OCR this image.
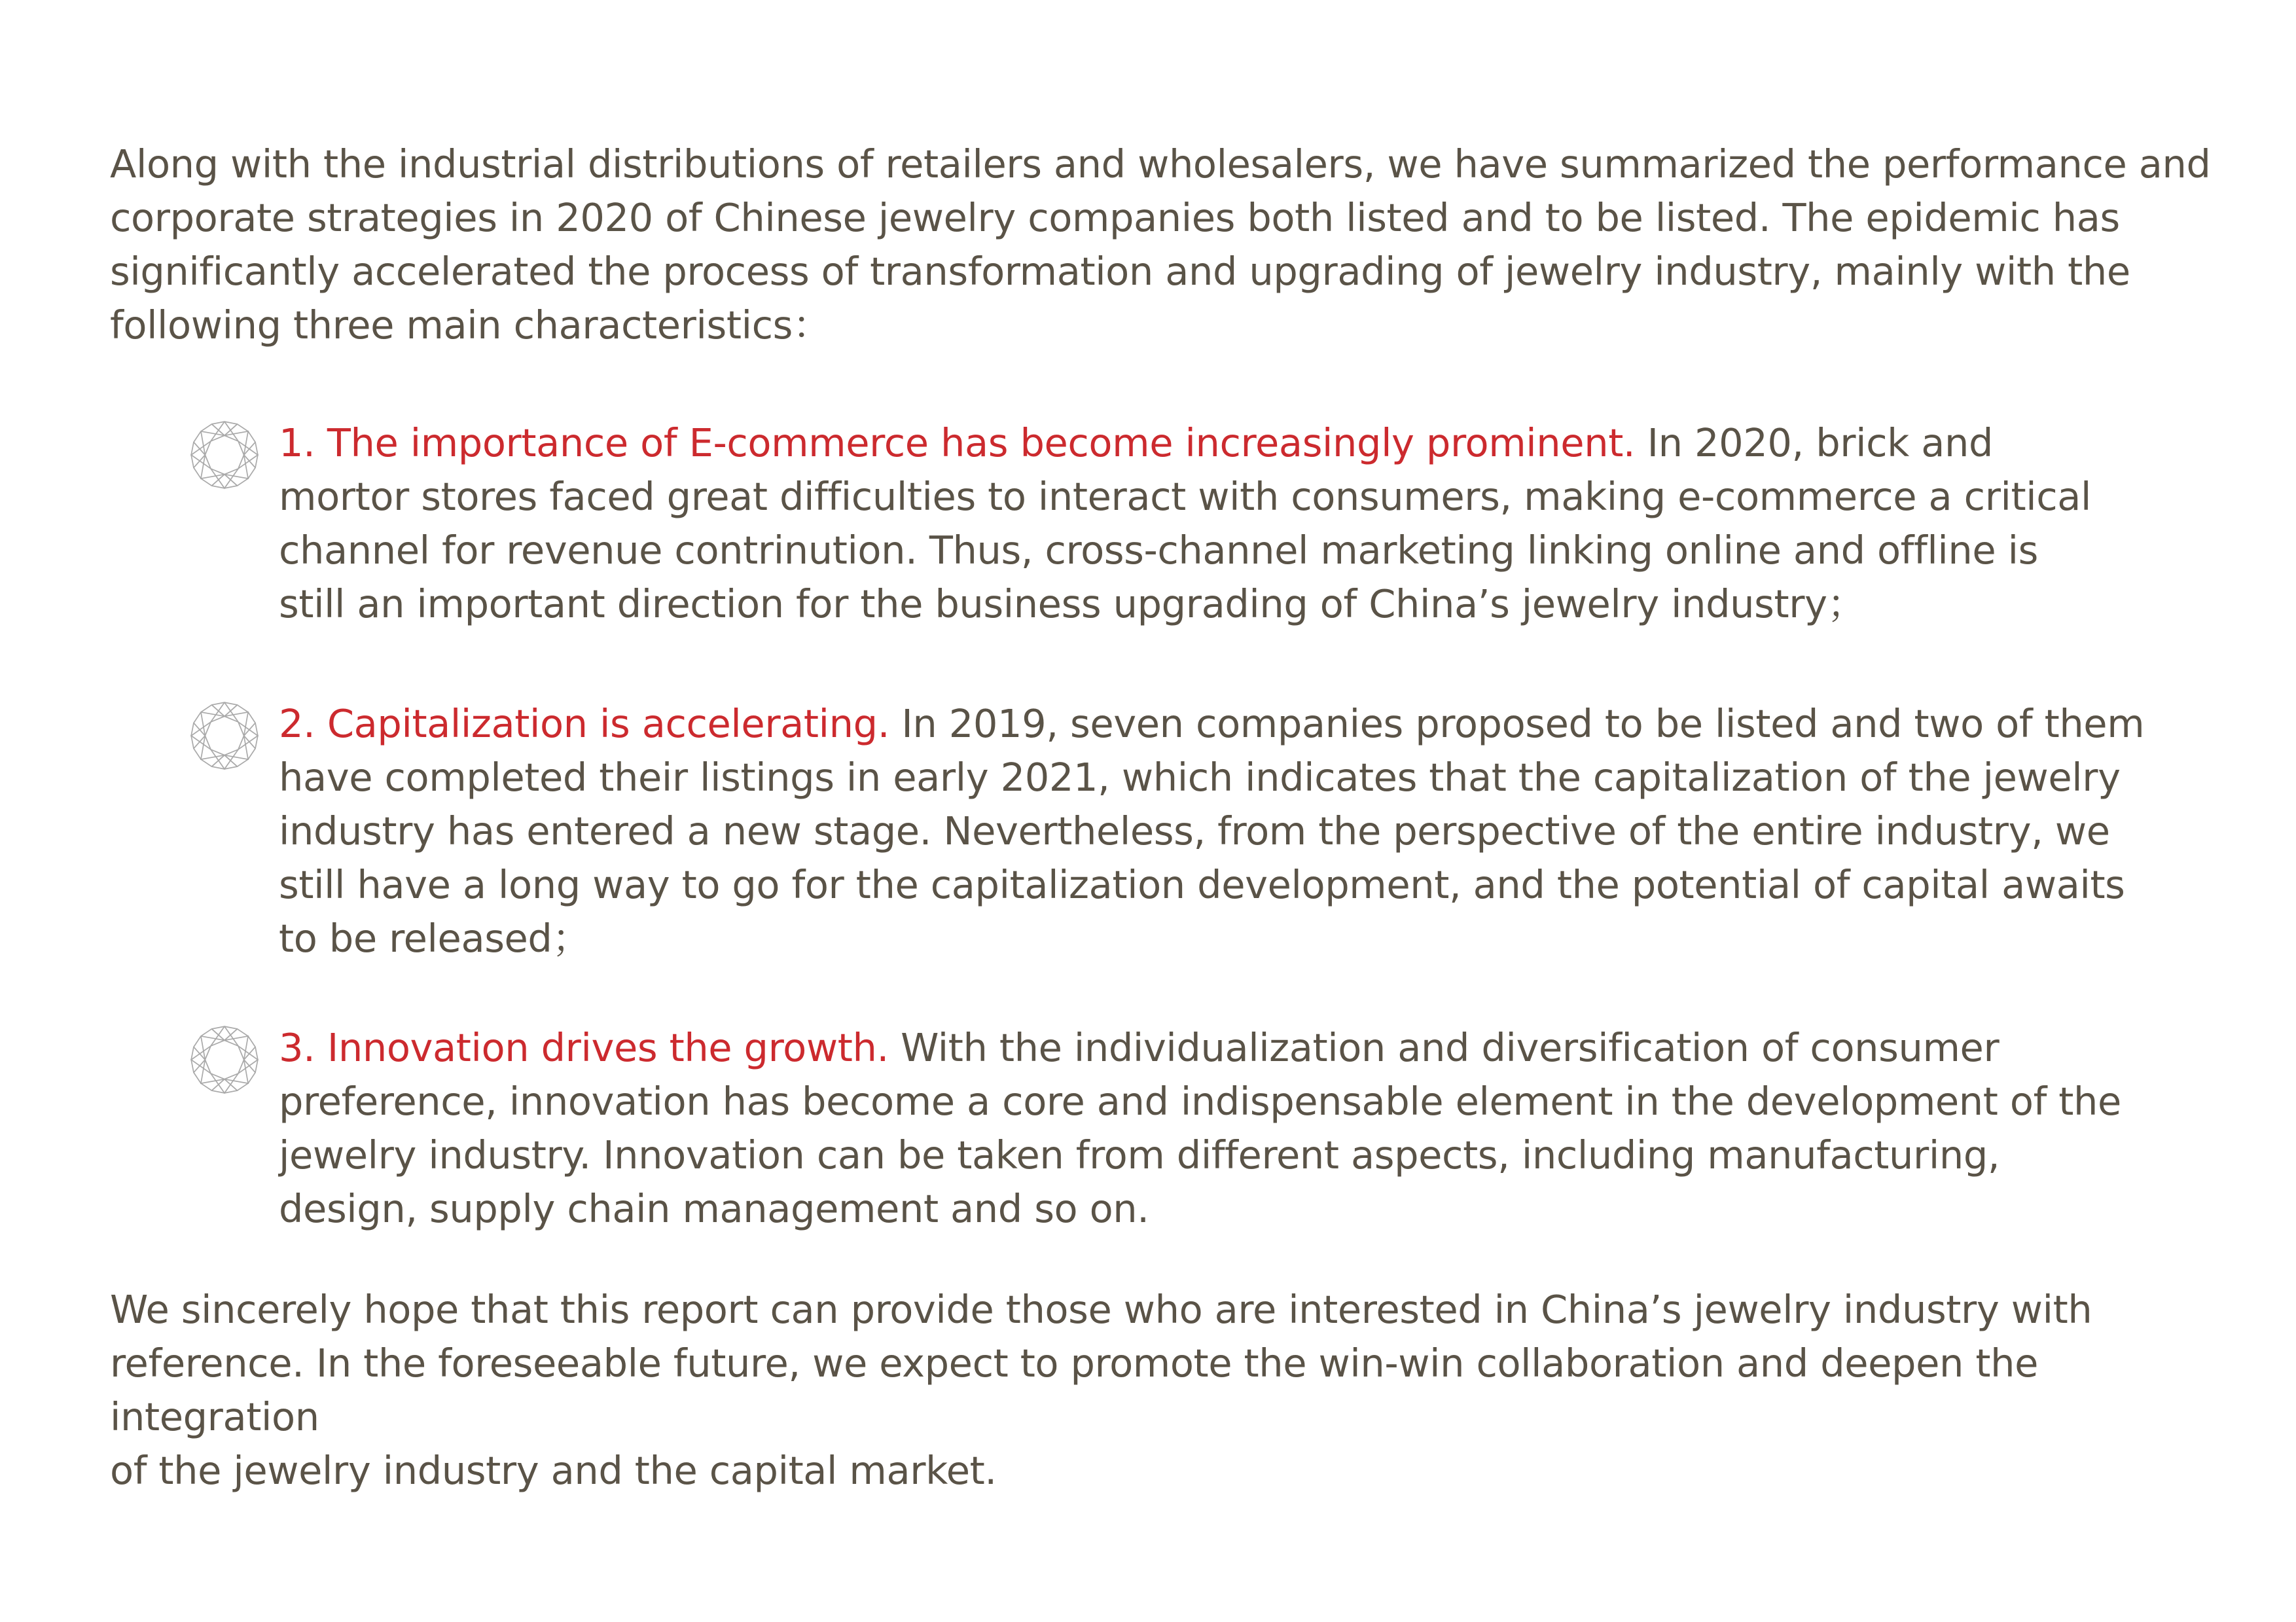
Along with the industrial distributions of retailers and wholesalers, we have summarized the performance and
corporate strategies in 2020 of Chinese jewelry companies both listed and to be listed. The epidemic has
significantly accelerated the process of transformation and upgrading of jewelry industry, mainly with the
following three main characteristics：

1. The importance of E-commerce has become increasingly prominent. In 2020, brick and
mortor stores faced great difficulties to interact with consumers, making e-commerce a critical
channel for revenue contrinution. Thus, cross-channel marketing linking online and offline is
still an important direction for the business upgrading of China’s jewelry industry；

2. Capitalization is accelerating. In 2019, seven companies proposed to be listed and two of them
have completed their listings in early 2021, which indicates that the capitalization of the jewelry
industry has entered a new stage. Nevertheless, from the perspective of the entire industry, we
still have a long way to go for the capitalization development, and the potential of capital awaits
to be released；

3. Innovation drives the growth. With the individualization and diversification of consumer
preference, innovation has become a core and indispensable element in the development of the
jewelry industry. Innovation can be taken from different aspects, including manufacturing,
design, supply chain management and so on.

We sincerely hope that this report can provide those who are interested in China’s jewelry industry with
reference. In the foreseeable future, we expect to promote the win-win collaboration and deepen the integration
of the jewelry industry and the capital market.
